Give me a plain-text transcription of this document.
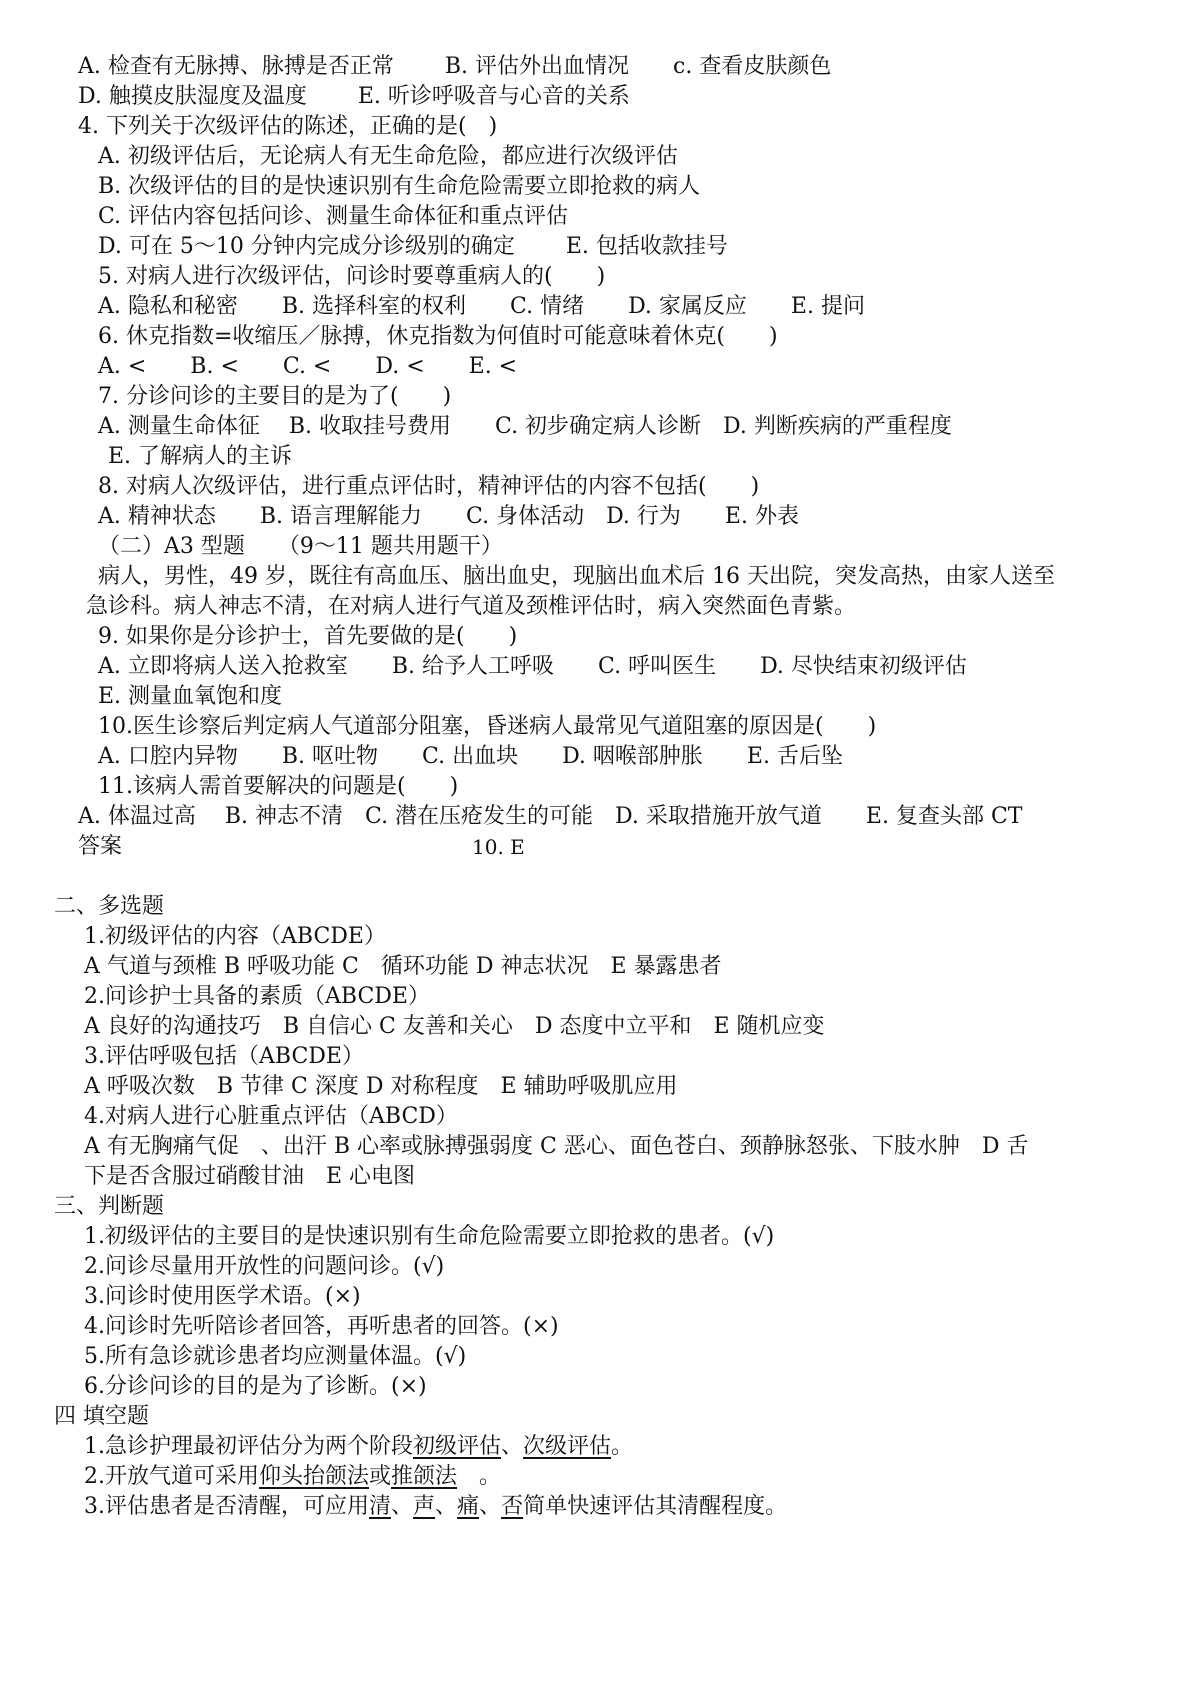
A. 检查有无脉搏、脉搏是否正常　　 B. 评估外出血情况　　c. 查看皮肤颜色
D. 触摸皮肤湿度及温度　　 E. 听诊呼吸音与心音的关系
4. 下列关于次级评估的陈述，正确的是(　)
A. 初级评估后，无论病人有无生命危险，都应进行次级评估
B. 次级评估的目的是快速识别有生命危险需要立即抢救的病人
C. 评估内容包括问诊、测量生命体征和重点评估
D. 可在 5～10 分钟内完成分诊级别的确定　　 E. 包括收款挂号
5. 对病人进行次级评估，问诊时要尊重病人的(　　)
A. 隐私和秘密　　B. 选择科室的权利　　C. 情绪　　D. 家属反应　　E. 提问
6. 休克指数=收缩压／脉搏，休克指数为何值时可能意味着休克(　　)
A. <　　B. <　　C. <　　D. <　　E. <
7. 分诊问诊的主要目的是为了(　　)
A. 测量生命体征　 B. 收取挂号费用　　C. 初步确定病人诊断　D. 判断疾病的严重程度
E. 了解病人的主诉
8. 对病人次级评估，进行重点评估时，精神评估的内容不包括(　　)
A. 精神状态　　B. 语言理解能力　　C. 身体活动　D. 行为　　E. 外表
（二）A3 型题　　（9～11 题共用题干）
病人，男性，49 岁，既往有高血压、脑出血史，现脑出血术后 16 天出院，突发高热，由家人送至
急诊科。病人神志不清，在对病人进行气道及颈椎评估时，病入突然面色青紫。
9. 如果你是分诊护士，首先要做的是(　　)
A. 立即将病人送入抢救室　　B. 给予人工呼吸　　C. 呼叫医生　　D. 尽快结束初级评估
E. 测量血氧饱和度
10.医生诊察后判定病人气道部分阻塞，昏迷病人最常见气道阻塞的原因是(　　)
A. 口腔内异物　　B. 呕吐物　　C. 出血块　　D. 咽喉部肿胀　　E. 舌后坠
11.该病人需首要解决的问题是(　　)
A. 体温过高　 B. 神志不清　C. 潜在压疮发生的可能　D. 采取措施开放气道　　E. 复查头部 CT
答案	10. E
二、多选题
1.初级评估的内容（ABCDE）
A 气道与颈椎 B 呼吸功能 C　循环功能 D 神志状况　E 暴露患者
2.问诊护士具备的素质（ABCDE）
A 良好的沟通技巧　B 自信心 C 友善和关心　D 态度中立平和　E 随机应变
3.评估呼吸包括（ABCDE）
A 呼吸次数　B 节律 C 深度 D 对称程度　E 辅助呼吸肌应用
4.对病人进行心脏重点评估（ABCD）
A 有无胸痛气促　、出汗 B 心率或脉搏强弱度 C 恶心、面色苍白、颈静脉怒张、下肢水肿　D 舌
下是否含服过硝酸甘油　E 心电图
三、判断题
1.初级评估的主要目的是快速识别有生命危险需要立即抢救的患者。(√)
2.问诊尽量用开放性的问题问诊。(√)
3.问诊时使用医学术语。(×)
4.问诊时先听陪诊者回答，再听患者的回答。(×)
5.所有急诊就诊患者均应测量体温。(√)
6.分诊问诊的目的是为了诊断。(×)
四 填空题
1.急诊护理最初评估分为两个阶段初级评估、次级评估。
2.开放气道可采用仰头抬颌法或推颌法　。
3.评估患者是否清醒，可应用清、声、痛、否简单快速评估其清醒程度。
